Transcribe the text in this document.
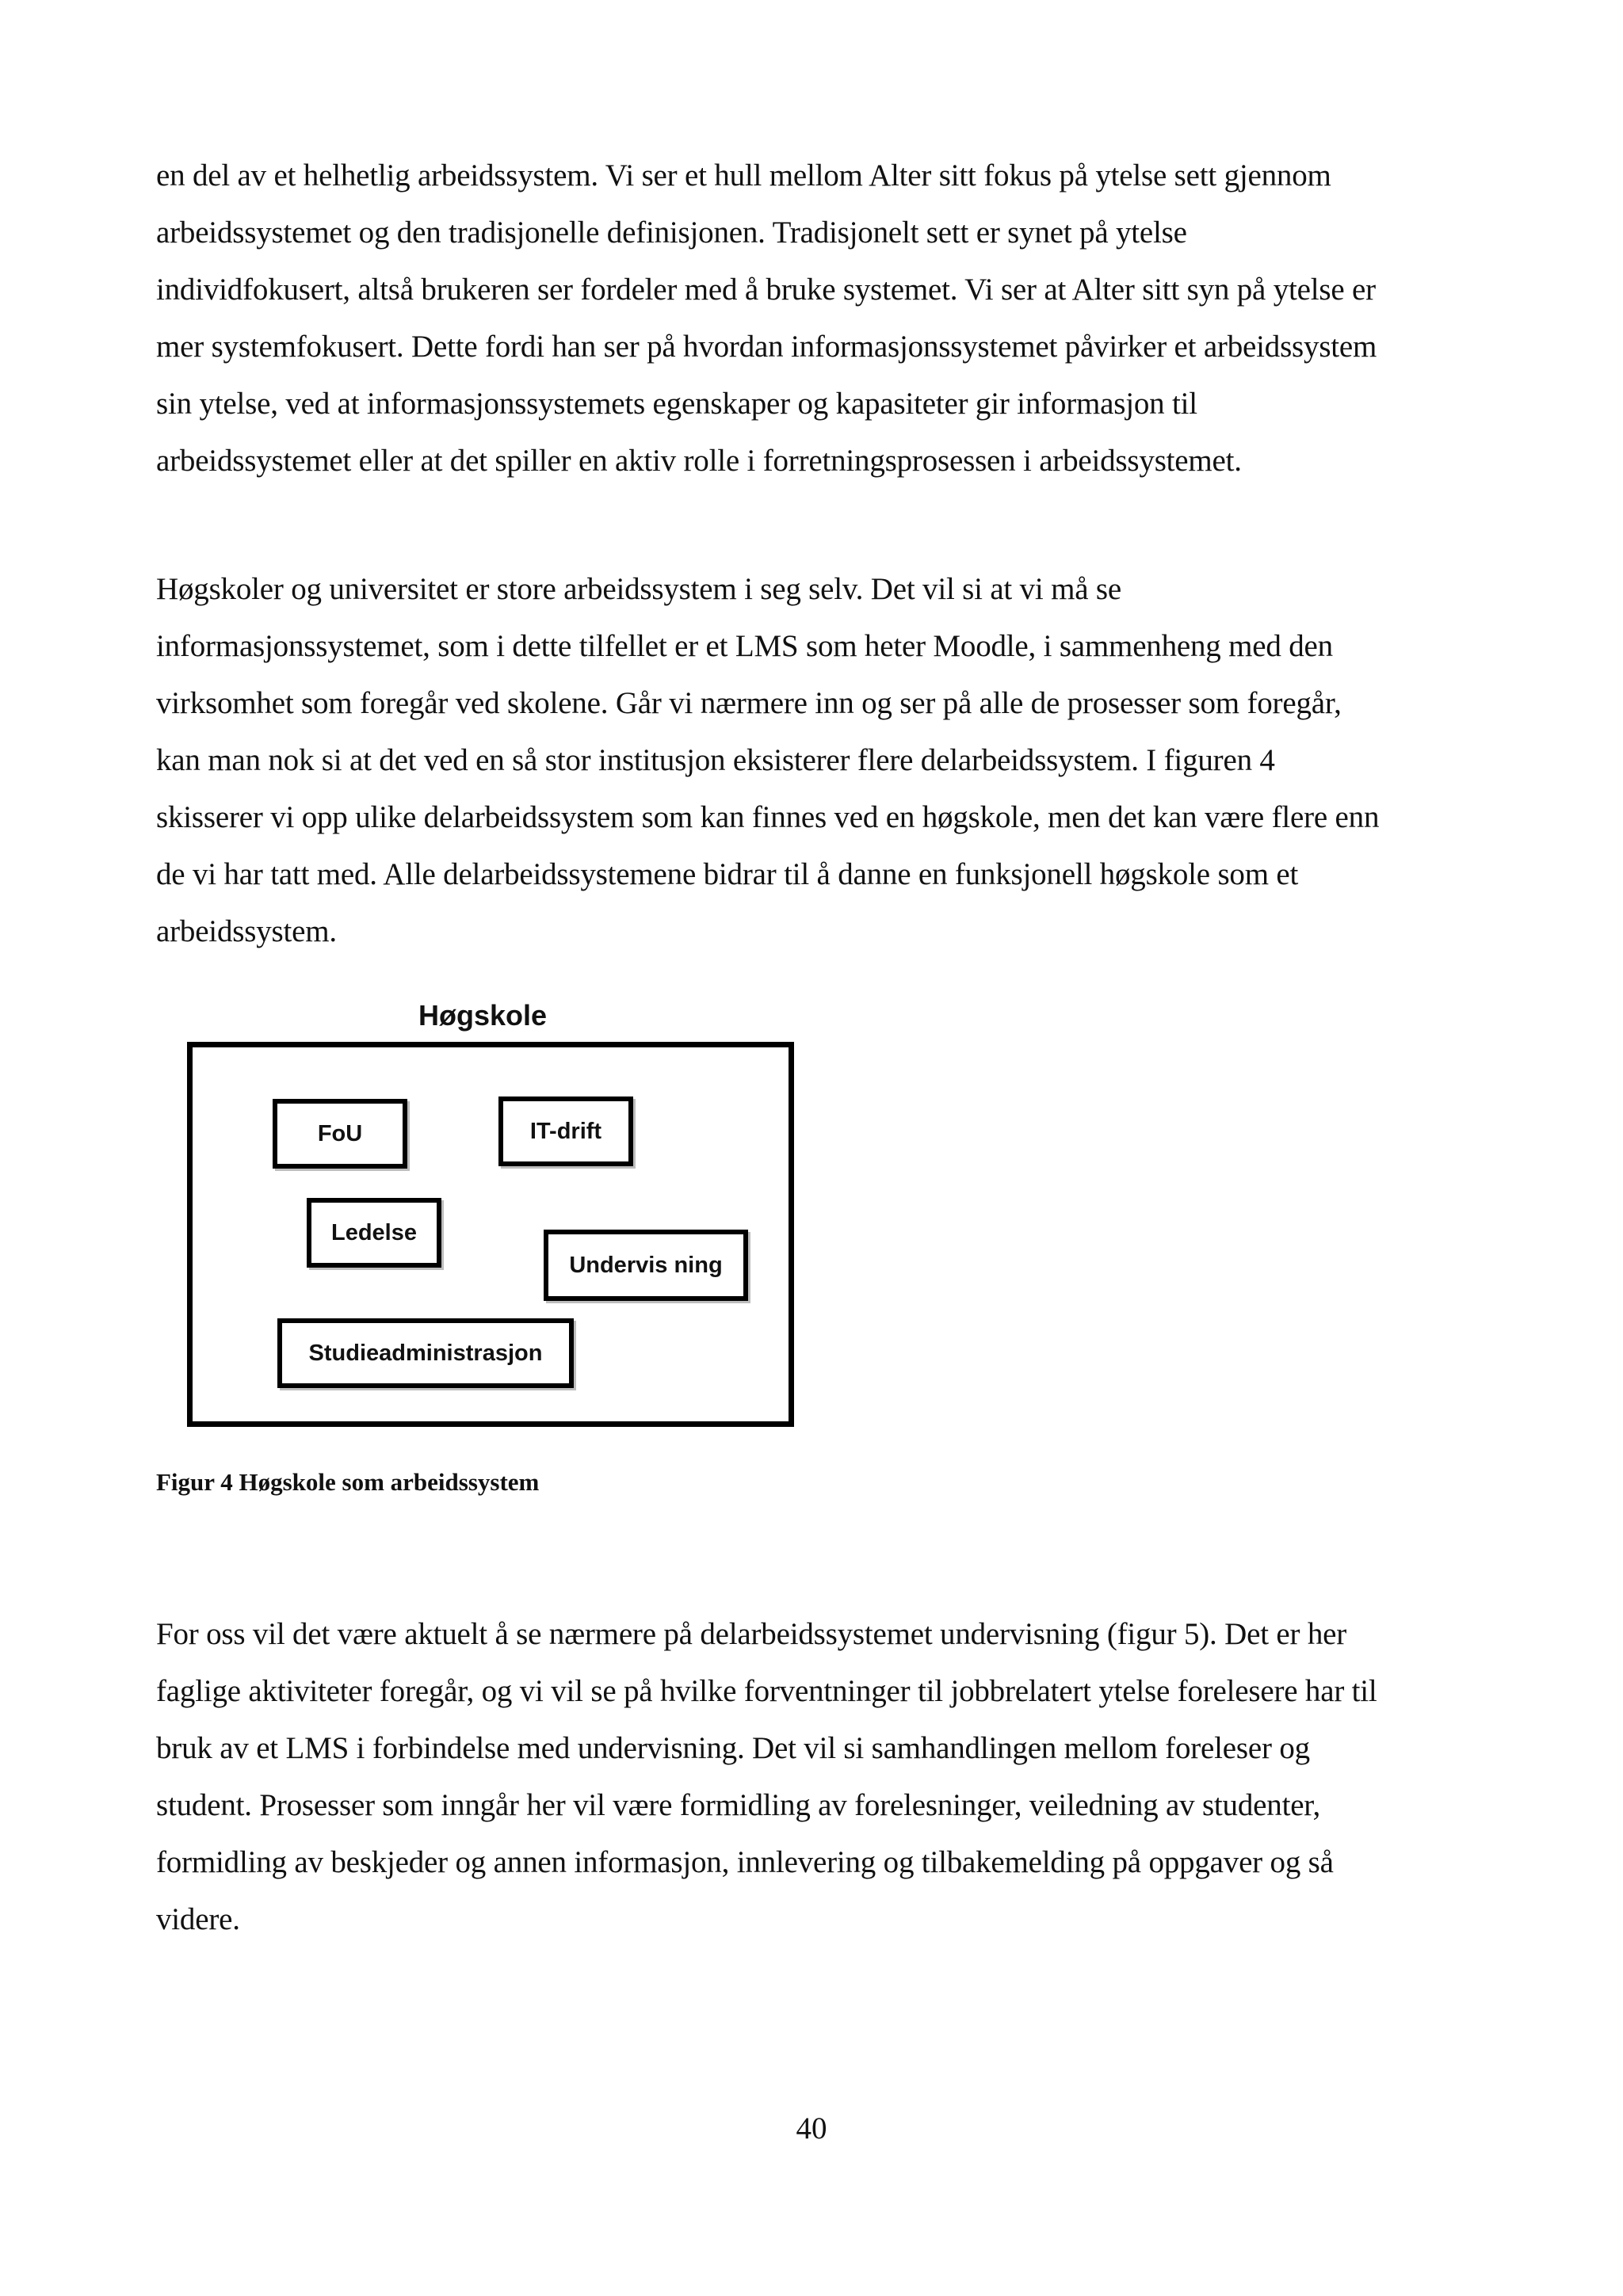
en del av et helhetlig arbeidssystem. Vi ser et hull mellom Alter sitt fokus på ytelse sett gjennom
arbeidssystemet og den tradisjonelle definisjonen. Tradisjonelt sett er synet på ytelse
individfokusert, altså brukeren ser fordeler med å bruke systemet. Vi ser at Alter sitt syn på ytelse er
mer systemfokusert. Dette fordi han ser på hvordan informasjonssystemet påvirker et arbeidssystem
sin ytelse, ved at informasjonssystemets egenskaper og kapasiteter gir informasjon til
arbeidssystemet eller at det spiller en aktiv rolle i forretningsprosessen i arbeidssystemet.
Høgskoler og universitet er store arbeidssystem i seg selv. Det vil si at vi må se
informasjonssystemet, som i dette tilfellet er et LMS som heter Moodle, i sammenheng med den
virksomhet som foregår ved skolene. Går vi nærmere inn og ser på alle de prosesser som foregår,
kan man nok si at det ved en så stor institusjon eksisterer flere delarbeidssystem. I figuren 4
skisserer vi opp ulike delarbeidssystem som kan finnes ved en høgskole, men det kan være flere enn
de vi har tatt med. Alle delarbeidssystemene bidrar til å danne en funksjonell høgskole som et
arbeidssystem.
Høgskole
FoU	IT-drift
Ledelse
Undervis ning
Studieadministrasjon
Figur 4 Høgskole som arbeidssystem
For oss vil det være aktuelt å se nærmere på delarbeidssystemet undervisning (figur 5). Det er her
faglige aktiviteter foregår, og vi vil se på hvilke forventninger til jobbrelatert ytelse forelesere har til
bruk av et LMS i forbindelse med undervisning. Det vil si samhandlingen mellom foreleser og
student. Prosesser som inngår her vil være formidling av forelesninger, veiledning av studenter,
formidling av beskjeder og annen informasjon, innlevering og tilbakemelding på oppgaver og så
videre.
40
